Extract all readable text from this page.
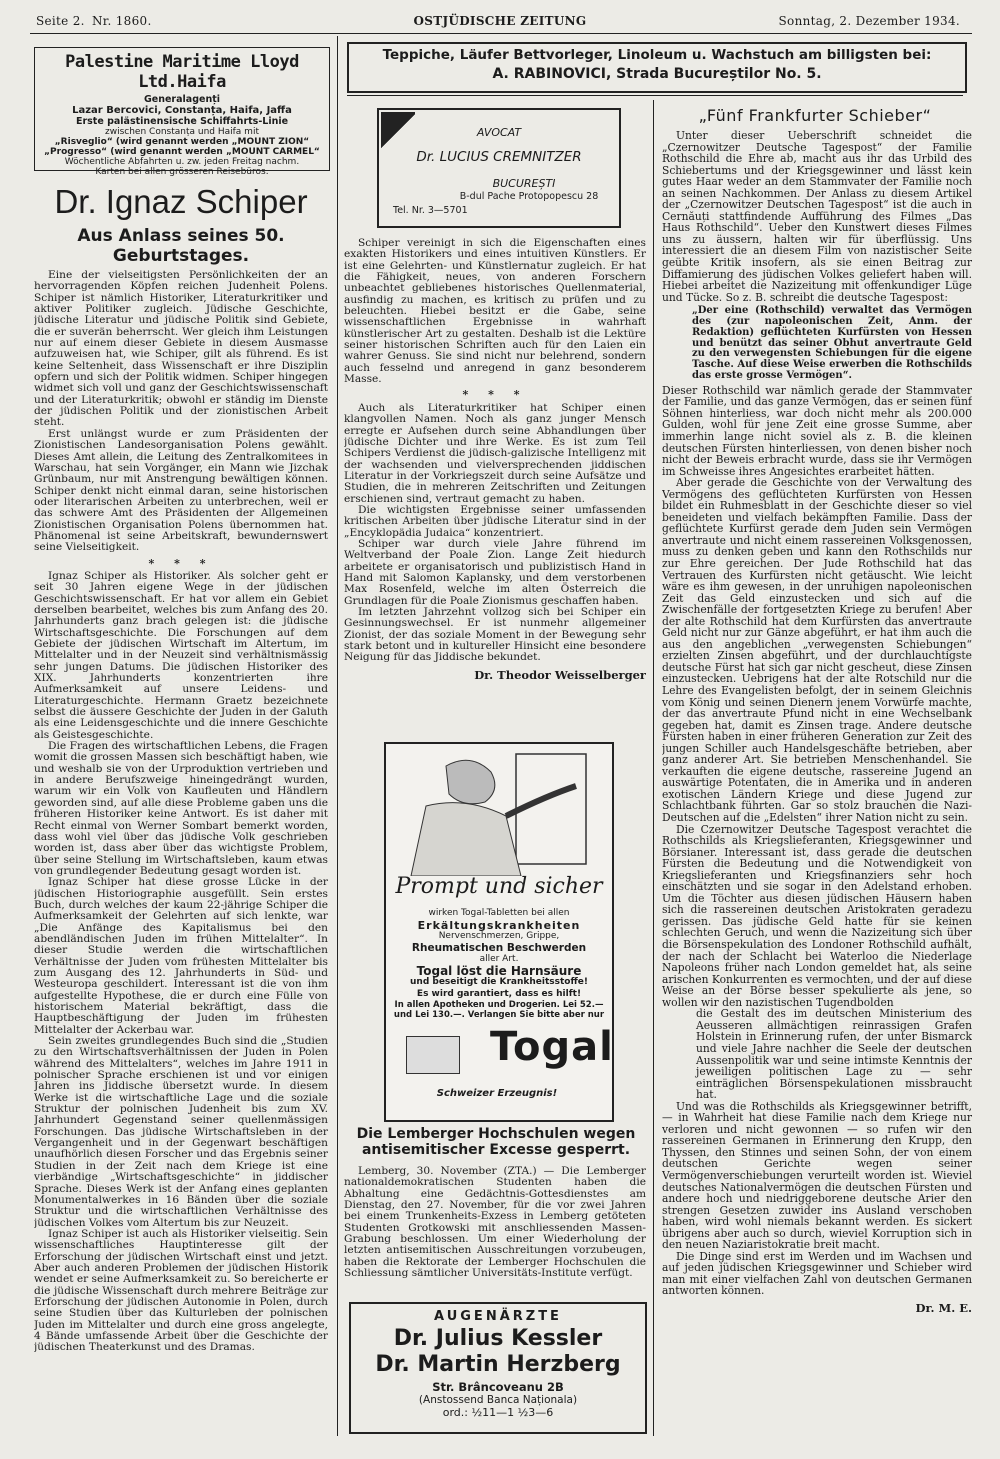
Seite 2. Nr. 1860.	OSTJÜDISCHE ZEITUNG	Sonntag, 2. Dezember 1934.
Palestine Maritime Lloyd Ltd.Haifa
Generalagenți
Lazar Bercovici, Constanța, Haifa, Jaffa
Erste palästinensische Schiffahrts-Linie
zwischen Constanța und Haifa mit
„Risveglio“ (wird genannt werden „MOUNT ZION“
„Progresso“ (wird genannt werden „MOUNT CARMEL“
Wöchentliche Abfahrten u. zw. jeden Freitag nachm.
Karten bei allen grösseren Reisebüros.
Teppiche, Läufer Bettvorleger, Linoleum u. Wachstuch am billigsten bei:
A. RABINOVICI, Strada Bucureștilor No. 5.
AVOCAT
Dr. LUCIUS CREMNITZER
BUCUREȘTI
B-dul Pache Protopopescu 28
Tel. Nr. 3—5701
Dr. Ignaz Schiper
Aus Anlass seines 50. Geburtstages.

Eine der vielseitigsten Persönlichkeiten der an hervorragenden Köpfen reichen Judenheit Polens. Schiper ist nämlich Historiker, Literaturkritiker und aktiver Politiker zugleich. Jüdische Geschichte, jüdische Literatur und jüdische Politik sind Gebiete, die er suverän beherrscht. Wer gleich ihm Leistungen nur auf einem dieser Gebiete in diesem Ausmasse aufzuweisen hat, wie Schiper, gilt als führend. Es ist keine Seltenheit, dass Wissenschaft er ihre Disziplin opfern und sich der Politik widmen. Schiper hingegen widmet sich voll und ganz der Geschichtswissenschaft und der Literaturkritik; obwohl er ständig im Dienste der jüdischen Politik und der zionistischen Arbeit steht.

Erst unlängst wurde er zum Präsidenten der Zionistischen Landesorganisation Polens gewählt. Dieses Amt allein, die Leitung des Zentralkomitees in Warschau, hat sein Vorgänger, ein Mann wie Jizchak Grünbaum, nur mit Anstrengung bewältigen können. Schiper denkt nicht einmal daran, seine historischen oder literarischen Arbeiten zu unterbrechen, weil er das schwere Amt des Präsidenten der Allgemeinen Zionistischen Organisation Polens übernommen hat. Phänomenal ist seine Arbeitskraft, bewundernswert seine Vielseitigkeit.

* * *

Ignaz Schiper als Historiker. Als solcher geht er seit 30 Jahren eigene Wege in der jüdischen Geschichtswissenschaft. Er hat vor allem ein Gebiet derselben bearbeitet, welches bis zum Anfang des 20. Jahrhunderts ganz brach gelegen ist: die jüdische Wirtschaftsgeschichte. Die Forschungen auf dem Gebiete der jüdischen Wirtschaft im Altertum, im Mittelalter und in der Neuzeit sind verhältnismässig sehr jungen Datums. Die jüdischen Historiker des XIX. Jahrhunderts konzentrierten ihre Aufmerksamkeit auf unsere Leidens- und Literaturgeschichte. Hermann Graetz bezeichnete selbst die äussere Geschichte der Juden in der Galuth als eine Leidensgeschichte und die innere Geschichte als Geistesgeschichte.

Die Fragen des wirtschaftlichen Lebens, die Fragen womit die grossen Massen sich beschäftigt haben, wie und weshalb sie von der Urproduktion vertrieben und in andere Berufszweige hineingedrängt wurden, warum wir ein Volk von Kaufleuten und Händlern geworden sind, auf alle diese Probleme gaben uns die früheren Historiker keine Antwort. Es ist daher mit Recht einmal von Werner Sombart bemerkt worden, dass wohl viel über das jüdische Volk geschrieben worden ist, dass aber über das wichtigste Problem, über seine Stellung im Wirtschaftsleben, kaum etwas von grundlegender Bedeutung gesagt worden ist.

Ignaz Schiper hat diese grosse Lücke in der jüdischen Historiographie ausgefüllt. Sein erstes Buch, durch welches der kaum 22-jährige Schiper die Aufmerksamkeit der Gelehrten auf sich lenkte, war „Die Anfänge des Kapitalismus bei den abendländischen Juden im frühen Mittelalter“. In dieser Studie werden die wirtschaftlichen Verhältnisse der Juden vom frühesten Mittelalter bis zum Ausgang des 12. Jahrhunderts in Süd- und Westeuropa geschildert. Interessant ist die von ihm aufgestellte Hypothese, die er durch eine Fülle von historischem Material bekräftigt, dass die Hauptbeschäftigung der Juden im frühesten Mittelalter der Ackerbau war.

Sein zweites grundlegendes Buch sind die „Studien zu den Wirtschaftsverhältnissen der Juden in Polen während des Mittelalters“, welches im Jahre 1911 in polnischer Sprache erschienen ist und vor einigen Jahren ins Jiddische übersetzt wurde. In diesem Werke ist die wirtschaftliche Lage und die soziale Struktur der polnischen Judenheit bis zum XV. Jahrhundert Gegenstand seiner quellenmässigen Forschungen. Das jüdische Wirtschaftsleben in der Vergangenheit und in der Gegenwart beschäftigen unaufhörlich diesen Forscher und das Ergebnis seiner Studien in der Zeit nach dem Kriege ist eine vierbändige „Wirtschaftsgeschichte“ in jiddischer Sprache. Dieses Werk ist der Anfang eines geplanten Monumentalwerkes in 16 Bänden über die soziale Struktur und die wirtschaftlichen Verhältnisse des jüdischen Volkes vom Altertum bis zur Neuzeit.

Ignaz Schiper ist auch als Historiker vielseitig. Sein wissenschaftliches Hauptinteresse gilt der Erforschung der jüdischen Wirtschaft einst und jetzt. Aber auch anderen Problemen der jüdischen Historik wendet er seine Aufmerksamkeit zu. So bereicherte er die jüdische Wissenschaft durch mehrere Beiträge zur Erforschung der jüdischen Autonomie in Polen, durch seine Studien über das Kulturleben der polnischen Juden im Mittelalter und durch eine gross angelegte, 4 Bände umfassende Arbeit über die Geschichte der jüdischen Theaterkunst und des Dramas.

Schiper vereinigt in sich die Eigenschaften eines exakten Historikers und eines intuitiven Künstlers. Er ist eine Gelehrten- und Künstlernatur zugleich. Er hat die Fähigkeit, neues, von anderen Forschern unbeachtet gebliebenes historisches Quellenmaterial, ausfindig zu machen, es kritisch zu prüfen und zu beleuchten. Hiebei besitzt er die Gabe, seine wissenschaftlichen Ergebnisse in wahrhaft künstlerischer Art zu gestalten. Deshalb ist die Lektüre seiner historischen Schriften auch für den Laien ein wahrer Genuss. Sie sind nicht nur belehrend, sondern auch fesselnd und anregend in ganz besonderem Masse.

* * *

Auch als Literaturkritiker hat Schiper einen klangvollen Namen. Noch als ganz junger Mensch erregte er Aufsehen durch seine Abhandlungen über jüdische Dichter und ihre Werke. Es ist zum Teil Schipers Verdienst die jüdisch-galizische Intelligenz mit der wachsenden und vielversprechenden jiddischen Literatur in der Vorkriegszeit durch seine Aufsätze und Studien, die in mehreren Zeitschriften und Zeitungen erschienen sind, vertraut gemacht zu haben.

Die wichtigsten Ergebnisse seiner umfassenden kritischen Arbeiten über jüdische Literatur sind in der „Encyklopädia Judaica“ konzentriert.

Schiper war durch viele Jahre führend im Weltverband der Poale Zion. Lange Zeit hiedurch arbeitete er organisatorisch und publizistisch Hand in Hand mit Salomon Kaplansky, und dem verstorbenen Max Rosenfeld, welche im alten Österreich die Grundlagen für die Poale Zionismus geschaffen haben.

Im letzten Jahrzehnt vollzog sich bei Schiper ein Gesinnungswechsel. Er ist nunmehr allgemeiner Zionist, der das soziale Moment in der Bewegung sehr stark betont und in kultureller Hinsicht eine besondere Neigung für das Jiddische bekundet.

Dr. Theodor Weisselberger
Prompt und sicher
wirken Togal-Tabletten bei allen
Erkältungskrankheiten
Nervenschmerzen, Grippe,
Rheumatischen Beschwerden
aller Art.
Togal löst die Harnsäure
und beseitigt die Krankheitsstoffe!
Es wird garantiert, dass es hilft!
In allen Apotheken und Drogerien. Lei 52.— und Lei 130.—. Verlangen Sie bitte aber nur
Togal
Schweizer Erzeugnis!
Die Lemberger Hochschulen wegen antisemitischer Excesse gesperrt.

Lemberg, 30. November (ZTA.) — Die Lemberger nationaldemokratischen Studenten haben die Abhaltung eine Gedächtnis-Gottesdienstes am Dienstag, den 27. November, für die vor zwei Jahren bei einem Trunkenheits-Exzess in Lemberg getöteten Studenten Grotkowski mit anschliessenden Massen-Grabung beschlossen. Um einer Wiederholung der letzten antisemitischen Ausschreitungen vorzubeugen, haben die Rektorate der Lemberger Hochschulen die Schliessung sämtlicher Universitäts-Institute verfügt.

AUGENÄRZTE
Dr. Julius Kessler
Dr. Martin Herzberg
Str. Brâncoveanu 2B
(Anstossend Banca Naționala)
ord.: ½11—1 ½3—6
„Fünf Frankfurter Schieber“

Unter dieser Ueberschrift schneidet die „Czernowitzer Deutsche Tagespost“ der Familie Rothschild die Ehre ab, macht aus ihr das Urbild des Schiebertums und der Kriegsgewinner und lässt kein gutes Haar weder an dem Stammvater der Familie noch an seinen Nachkommen. Der Anlass zu diesem Artikel der „Czernowitzer Deutschen Tagespost“ ist die auch in Cernăuți stattfindende Aufführung des Filmes „Das Haus Rothschild“. Ueber den Kunstwert dieses Filmes uns zu äussern, halten wir für überflüssig. Uns interessiert die an diesem Film von nazistischer Seite geübte Kritik insofern, als sie einen Beitrag zur Diffamierung des jüdischen Volkes geliefert haben will. Hiebei arbeitet die Nazizeitung mit offenkundiger Lüge und Tücke. So z. B. schreibt die deutsche Tagespost:

„Der eine (Rothschild) verwaltet das Vermögen des (zur napoleonischen Zeit, Anm. der Redaktion) geflüchteten Kurfürsten von Hessen und benützt das seiner Obhut anvertraute Geld zu den verwegensten Schiebungen für die eigene Tasche. Auf diese Weise erwerben die Rothschilds das erste grosse Vermögen“.

Dieser Rothschild war nämlich gerade der Stammvater der Familie, und das ganze Vermögen, das er seinen fünf Söhnen hinterliess, war doch nicht mehr als 200.000 Gulden, wohl für jene Zeit eine grosse Summe, aber immerhin lange nicht soviel als z. B. die kleinen deutschen Fürsten hinterliessen, von denen bisher noch nicht der Beweis erbracht wurde, dass sie ihr Vermögen im Schweisse ihres Angesichtes erarbeitet hätten.

Aber gerade die Geschichte von der Verwaltung des Vermögens des geflüchteten Kurfürsten von Hessen bildet ein Ruhmesblatt in der Geschichte dieser so viel beneideten und vielfach bekämpften Familie. Dass der geflüchtete Kurfürst gerade dem Juden sein Vermögen anvertraute und nicht einem rassereinen Volksgenossen, muss zu denken geben und kann den Rothschilds nur zur Ehre gereichen. Der Jude Rothschild hat das Vertrauen des Kurfürsten nicht getäuscht. Wie leicht wäre es ihm gewesen, in der unruhigen napoleonischen Zeit das Geld einzustecken und sich auf die Zwischenfälle der fortgesetzten Kriege zu berufen! Aber der alte Rothschild hat dem Kurfürsten das anvertraute Geld nicht nur zur Gänze abgeführt, er hat ihm auch die aus den angeblichen „verwegensten Schiebungen“ erzielten Zinsen abgeführt, und der durchlauchtigste deutsche Fürst hat sich gar nicht gescheut, diese Zinsen einzustecken. Uebrigens hat der alte Rotschild nur die Lehre des Evangelisten befolgt, der in seinem Gleichnis vom König und seinen Dienern jenem Vorwürfe machte, der das anvertraute Pfund nicht in eine Wechselbank gegeben hat, damit es Zinsen trage. Andere deutsche Fürsten haben in einer früheren Generation zur Zeit des jungen Schiller auch Handelsgeschäfte betrieben, aber ganz anderer Art. Sie betrieben Menschenhandel. Sie verkauften die eigene deutsche, rassereine Jugend an auswärtige Potentaten, die in Amerika und in anderen exotischen Ländern Kriege und diese Jugend zur Schlachtbank führten. Gar so stolz brauchen die Nazi-Deutschen auf die „Edelsten“ ihrer Nation nicht zu sein.

Die Czernowitzer Deutsche Tagespost verachtet die Rothschilds als Kriegslieferanten, Kriegsgewinner und Börsianer. Interessant ist, dass gerade die deutschen Fürsten die Bedeutung und die Notwendigkeit von Kriegslieferanten und Kriegsfinanziers sehr hoch einschätzten und sie sogar in den Adelstand erhoben. Um die Töchter aus diesen jüdischen Häusern haben sich die rassereinen deutschen Aristokraten geradezu gerissen. Das jüdische Geld hatte für sie keinen schlechten Geruch, und wenn die Nazizeitung sich über die Börsenspekulation des Londoner Rothschild aufhält, der nach der Schlacht bei Waterloo die Niederlage Napoleons früher nach London gemeldet hat, als seine arischen Konkurrenten es vermochten, und der auf diese Weise an der Börse besser spekulierte als jene, so wollen wir den nazistischen Tugendbolden

die Gestalt des im deutschen Ministerium des Aeusseren allmächtigen reinrassigen Grafen Holstein in Erinnerung rufen, der unter Bismarck und viele Jahre nachher die Seele der deutschen Aussenpolitik war und seine intimste Kenntnis der jeweiligen politischen Lage zu — sehr einträglichen Börsenspekulationen missbraucht hat.

Und was die Rothschilds als Kriegsgewinner betrifft, — in Wahrheit hat diese Familie nach dem Kriege nur verloren und nicht gewonnen — so rufen wir den rassereinen Germanen in Erinnerung den Krupp, den Thyssen, den Stinnes und seinen Sohn, der von einem deutschen Gerichte wegen seiner Vermögenverschiebungen verurteilt worden ist. Wieviel deutsches Nationalvermögen die deutschen Fürsten und andere hoch und niedriggeborene deutsche Arier den strengen Gesetzen zuwider ins Ausland verschoben haben, wird wohl niemals bekannt werden. Es sickert übrigens aber auch so durch, wieviel Korruption sich in den neuen Naziaristokratie breit macht.

Die Dinge sind erst im Werden und im Wachsen und auf jeden jüdischen Kriegsgewinner und Schieber wird man mit einer vielfachen Zahl von deutschen Germanen antworten können.

Dr. M. E.
